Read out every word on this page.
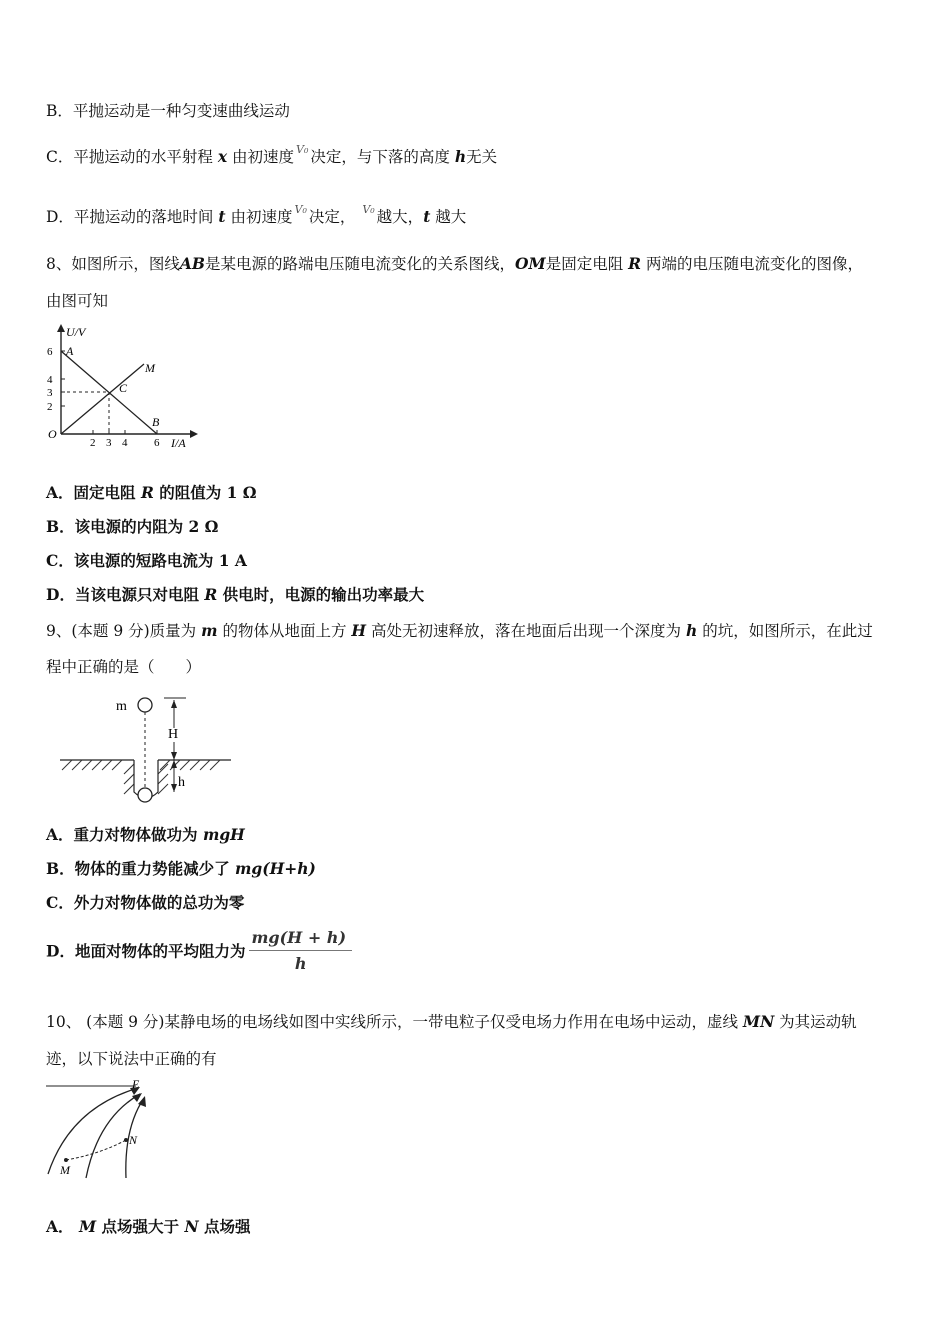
B．平抛运动是一种匀变速曲线运动
C．平抛运动的水平射程 x 由初速度 $^{V_0}$ 决定，与下落的高度 h无关
D．平抛运动的落地时间 t 由初速度 $^{V_0}$ 决定， $^{V_0}$ 越大，t 越大
8、如图所示，图线AB是某电源的路端电压随电流变化的关系图线，OM是固定电阻 R 两端的电压随电流变化的图像，
由图可知
U/V
I/A
O
A
B
C
M
6
4
3
2
2 3 4 6
A．固定电阻 R 的阻值为 1 Ω
B．该电源的内阻为 2 Ω
C．该电源的短路电流为 1 A
D．当该电源只对电阻 R 供电时，电源的输出功率最大
9、(本题 9 分)质量为 m 的物体从地面上方 H 高处无初速释放，落在地面后出现一个深度为 h 的坑，如图所示，在此过
程中正确的是（　　）
m
H
h
A．重力对物体做功为 mgH
B．物体的重力势能减少了 mg(H+h)
C．外力对物体做的总功为零
D．地面对物体的平均阻力为 $\frac{mg(H + h)}{h}$
10、 (本题 9 分)某静电场的电场线如图中实线所示，一带电粒子仅受电场力作用在电场中运动，虚线 MN 为其运动轨
迹，以下说法中正确的有
E
N
M
A． M 点场强大于 N 点场强
